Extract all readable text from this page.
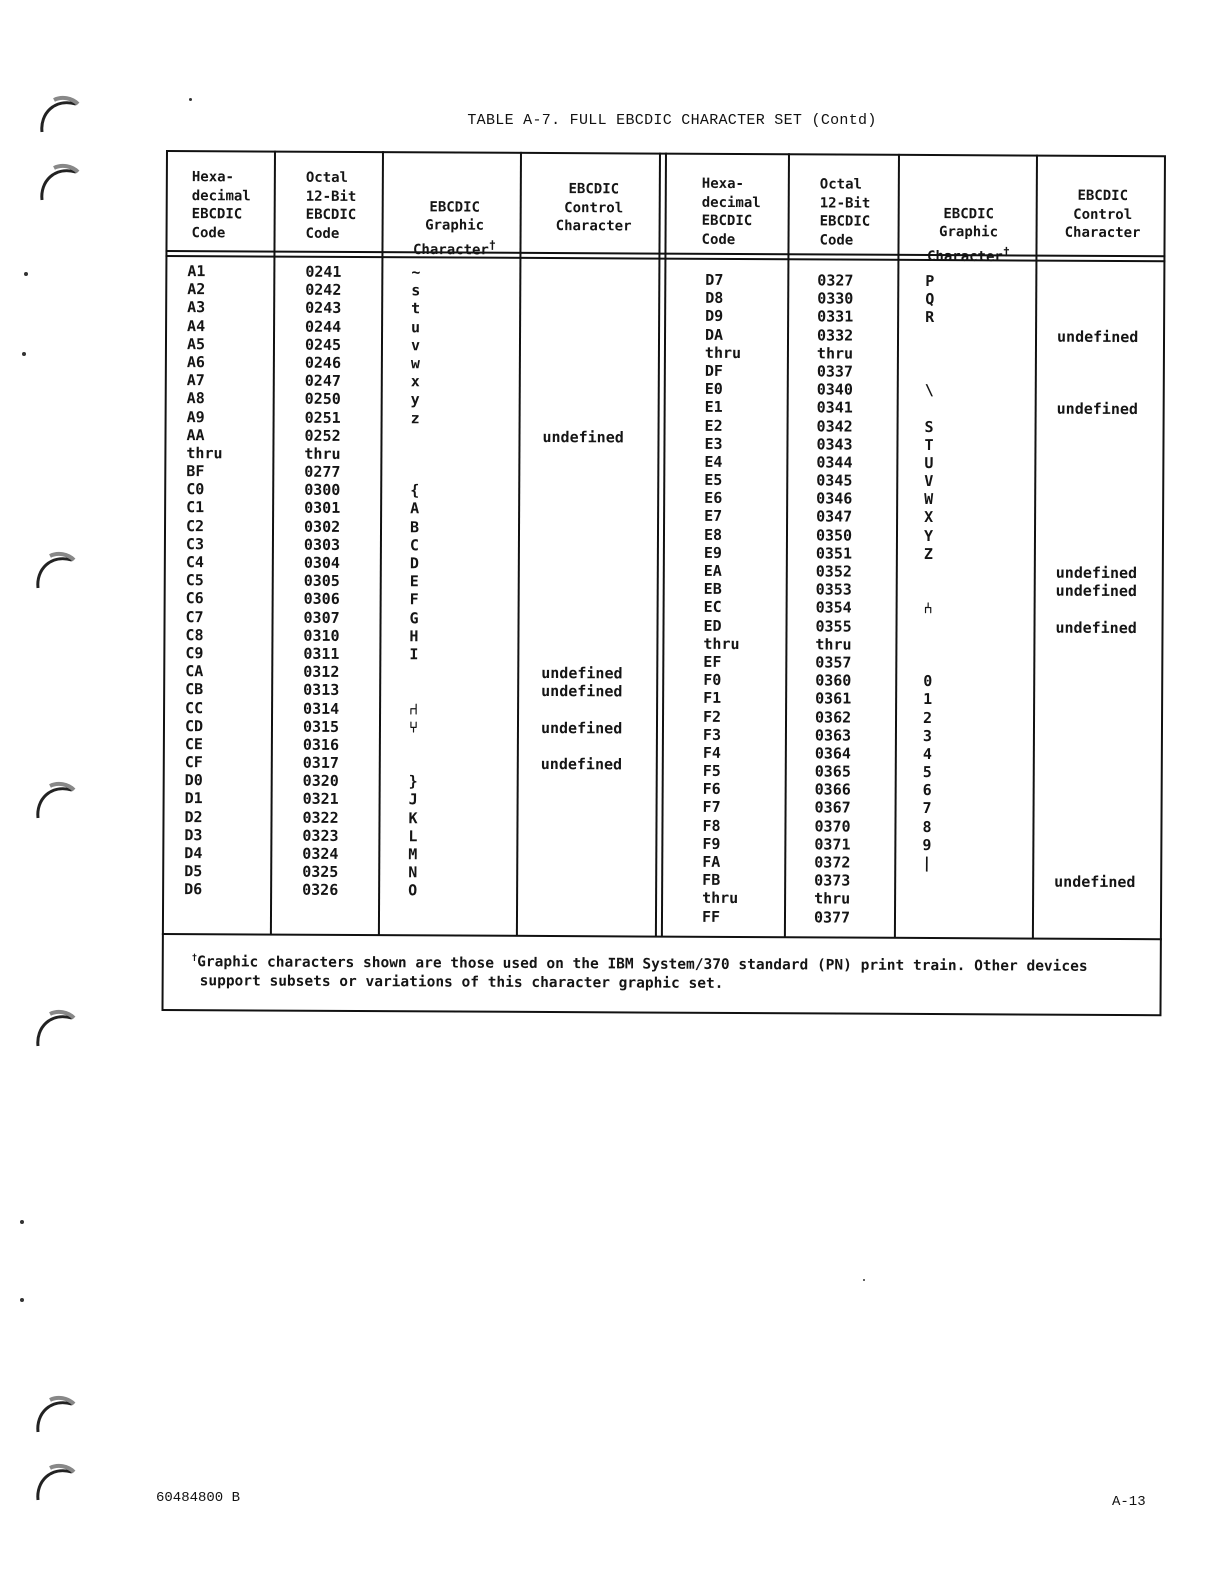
TABLE A-7. FULL EBCDIC CHARACTER SET (Contd)
Hexa-
decimal
EBCDIC
Code
Octal
12-Bit
EBCDIC
Code

EBCDIC
Graphic
Character†

EBCDIC
Control
Character
Hexa-
decimal
EBCDIC
Code
Octal
12-Bit
EBCDIC
Code

EBCDIC
Graphic
Character†

EBCDIC
Control
Character
A1
A2
A3
A4
A5
A6
A7
A8
A9
AA
thru
BF
C0
C1
C2
C3
C4
C5
C6
C7
C8
C9
CA
CB
CC
CD
CE
CF
D0
D1
D2
D3
D4
D5
D6
0241
0242
0243
0244
0245
0246
0247
0250
0251
0252
thru
0277
0300
0301
0302
0303
0304
0305
0306
0307
0310
0311
0312
0313
0314
0315
0316
0317
0320
0321
0322
0323
0324
0325
0326
~
s
t
u
v
w
x
y
z
{
A
B
C
D
E
F
G
H
I
⑁
⑂
}
J
K
L
M
N
O
undefined
undefined
undefined
undefined
undefined
D7
D8
D9
DA
thru
DF
E0
E1
E2
E3
E4
E5
E6
E7
E8
E9
EA
EB
EC
ED
thru
EF
F0
F1
F2
F3
F4
F5
F6
F7
F8
F9
FA
FB
thru
FF
0327
0330
0331
0332
thru
0337
0340
0341
0342
0343
0344
0345
0346
0347
0350
0351
0352
0353
0354
0355
thru
0357
0360
0361
0362
0363
0364
0365
0366
0367
0370
0371
0372
0373
thru
0377
P
Q
R
\
S
T
U
V
W
X
Y
Z
⑃
0
1
2
3
4
5
6
7
8
9
|
undefined
undefined
undefined
undefined
undefined
undefined
†Graphic characters shown are those used on the IBM System/370 standard (PN) print train. Other devices
support subsets or variations of this character graphic set.
60484800 B	A-13
